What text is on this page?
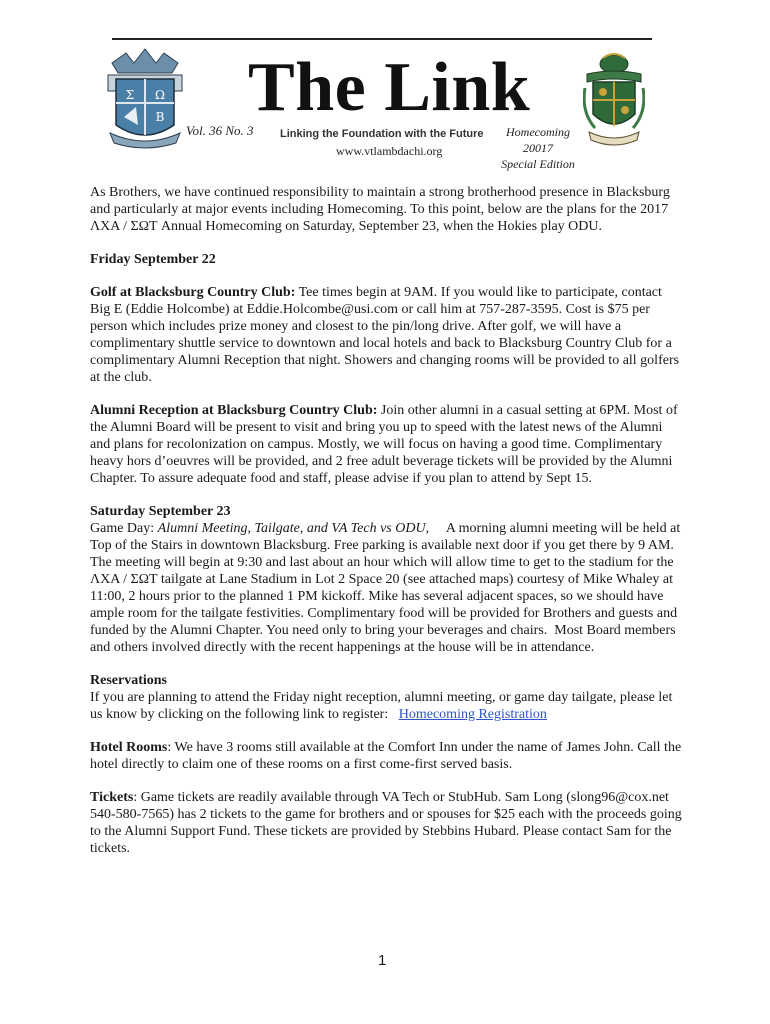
Σ Ω
B The Link
Vol. 36 No. 3 Linking the Foundation with the Future
www.vtlambdachi.org
Homecoming 20017
Special Edition

As Brothers, we have continued responsibility to maintain a strong brotherhood presence in Blacksburg and particularly at major events including Homecoming. To this point, below are the plans for the 2017 ΛΧΑ / ΣΩΤ Annual Homecoming on Saturday, September 23, when the Hokies play ODU.

Friday September 22

Golf at Blacksburg Country Club: Tee times begin at 9AM. If you would like to participate, contact Big E (Eddie Holcombe) at Eddie.Holcombe@usi.com or call him at 757-287-3595. Cost is $75 per person which includes prize money and closest to the pin/long drive. After golf, we will have a complimentary shuttle service to downtown and local hotels and back to Blacksburg Country Club for a complimentary Alumni Reception that night. Showers and changing rooms will be provided to all golfers at the club.

Alumni Reception at Blacksburg Country Club: Join other alumni in a casual setting at 6PM. Most of the Alumni Board will be present to visit and bring you up to speed with the latest news of the Alumni and plans for recolonization on campus. Mostly, we will focus on having a good time. Complimentary heavy hors d’oeuvres will be provided, and 2 free adult beverage tickets will be provided by the Alumni Chapter. To assure adequate food and staff, please advise if you plan to attend by Sept 15.

Saturday September 23

Game Day: Alumni Meeting, Tailgate, and VA Tech vs ODU,     A morning alumni meeting will be held at Top of the Stairs in downtown Blacksburg. Free parking is available next door if you get there by 9 AM. The meeting will begin at 9:30 and last about an hour which will allow time to get to the stadium for the ΛΧΑ / ΣΩΤ tailgate at Lane Stadium in Lot 2 Space 20 (see attached maps) courtesy of Mike Whaley at 11:00, 2 hours prior to the planned 1 PM kickoff. Mike has several adjacent spaces, so we should have ample room for the tailgate festivities. Complimentary food will be provided for Brothers and guests and funded by the Alumni Chapter. You need only to bring your beverages and chairs.  Most Board members and others involved directly with the recent happenings at the house will be in attendance.

Reservations

If you are planning to attend the Friday night reception, alumni meeting, or game day tailgate, please let us know by clicking on the following link to register:   Homecoming Registration

Hotel Rooms: We have 3 rooms still available at the Comfort Inn under the name of James John. Call the hotel directly to claim one of these rooms on a first come-first served basis.

Tickets: Game tickets are readily available through VA Tech or StubHub. Sam Long (slong96@cox.net 540-580-7565) has 2 tickets to the game for brothers and or spouses for $25 each with the proceeds going to the Alumni Support Fund. These tickets are provided by Stebbins Hubard. Please contact Sam for the tickets.

1
